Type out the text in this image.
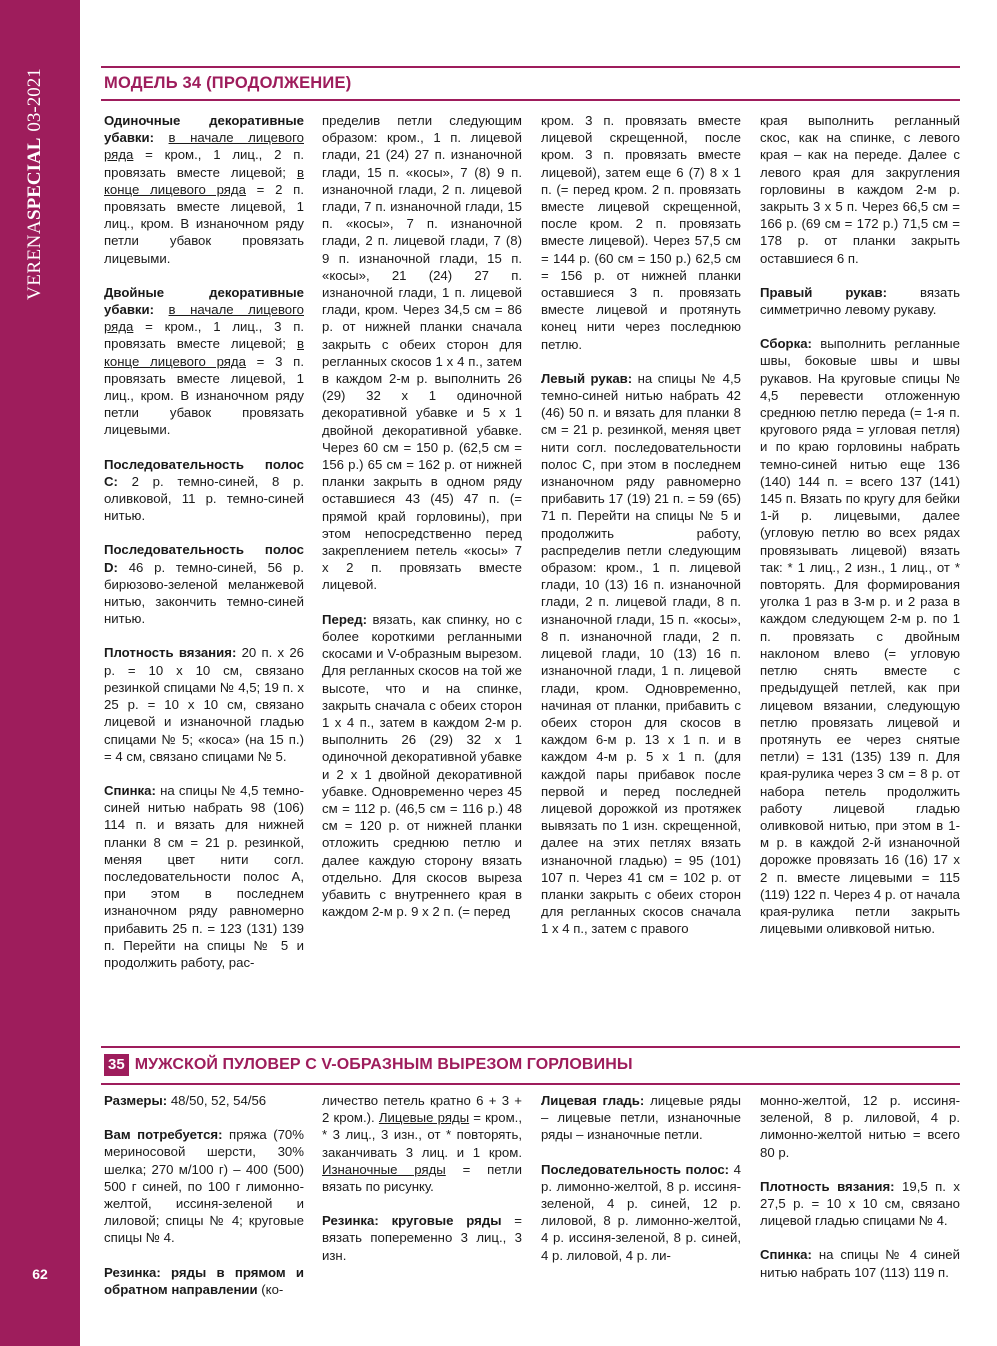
VERENASPECIAL03-2021
62
МОДЕЛЬ 34 (ПРОДОЛЖЕНИЕ)

Одиночные декоративные убавки: в начале лицевого ряда = кром., 1 лиц., 2 п. провязать вместе лицевой; в конце лицевого ряда = 2 п. провязать вместе лицевой, 1 лиц., кром. В изнаночном ряду петли убавок провязать лицевыми.

Двойные декоративные убавки: в начале лицевого ряда = кром., 1 лиц., 3 п. провязать вместе лицевой; в конце лицевого ряда = 3 п. провязать вместе лицевой, 1 лиц., кром. В изнаночном ряду петли убавок провязать лицевыми.

Последовательность полос С: 2 р. темно-синей, 8 р. оливковой, 11 р. темно-синей нитью.

Последовательность полос D: 46 р. темно-синей, 56 р. бирюзово-зеленой меланжевой нитью, закончить темно-синей нитью.

Плотность вязания: 20 п. х 26 р. = 10 х 10 см, связано резинкой спицами № 4,5; 19 п. х 25 р. = 10 х 10 см, связано лицевой и изнаночной гладью спицами № 5; «коса» (на 15 п.) = 4 см, связано спицами № 5.

Спинка: на спицы № 4,5 темно-синей нитью набрать 98 (106) 114 п. и вязать для нижней планки 8 см = 21 р. резинкой, меняя цвет нити согл. последовательности полос А, при этом в последнем изнаночном ряду равномерно прибавить 25 п. = 123 (131) 139 п. Перейти на спицы № 5 и продолжить работу, рас-

пределив петли следующим образом: кром., 1 п. лицевой глади, 21 (24) 27 п. изнаночной глади, 15 п. «косы», 7 (8) 9 п. изнаночной глади, 2 п. лицевой глади, 7 п. изнаночной глади, 15 п. «косы», 7 п. изнаночной глади, 2 п. лицевой глади, 7 (8) 9 п. изнаночной глади, 15 п. «косы», 21 (24) 27 п. изнаночной глади, 1 п. лицевой глади, кром. Через 34,5 см = 86 р. от нижней планки сначала закрыть с обеих сторон для регланных скосов 1 х 4 п., затем в каждом 2-м р. выполнить 26 (29) 32 х 1 одиночной декоративной убавке и 5 х 1 двойной декоративной убавке. Через 60 см = 150 р. (62,5 см = 156 р.) 65 см = 162 р. от нижней планки закрыть в одном ряду оставшиеся 43 (45) 47 п. (= прямой край горловины), при этом непосредственно перед закреплением петель «косы» 7 х 2 п. провязать вместе лицевой.

Перед: вязать, как спинку, но с более короткими регланными скосами и V-образным вырезом. Для регланных скосов на той же высоте, что и на спинке, закрыть сначала с обеих сторон 1 х 4 п., затем в каждом 2-м р. выполнить 26 (29) 32 х 1 одиночной декоративной убавке и 2 х 1 двойной декоративной убавке. Одновременно через 45 см = 112 р. (46,5 см = 116 р.) 48 см = 120 р. от нижней планки отложить среднюю петлю и далее каждую сторону вязать отдельно. Для скосов выреза убавить с внутреннего края в каждом 2-м р. 9 х 2 п. (= перед

кром. 3 п. провязать вместе лицевой скрещенной, после кром. 3 п. провязать вместе лицевой), затем еще 6 (7) 8 х 1 п. (= перед кром. 2 п. провязать вместе лицевой скрещенной, после кром. 2 п. провязать вместе лицевой). Через 57,5 см = 144 р. (60 см = 150 р.) 62,5 см = 156 р. от нижней планки оставшиеся 3 п. провязать вместе лицевой и протянуть конец нити через последнюю петлю.

Левый рукав: на спицы № 4,5 темно-синей нитью набрать 42 (46) 50 п. и вязать для планки 8 см = 21 р. резинкой, меняя цвет нити согл. последовательности полос С, при этом в последнем изнаночном ряду равномерно прибавить 17 (19) 21 п. = 59 (65) 71 п. Перейти на спицы № 5 и продолжить работу, распределив петли следующим образом: кром., 1 п. лицевой глади, 10 (13) 16 п. изнаночной глади, 2 п. лицевой глади, 8 п. изнаночной глади, 15 п. «косы», 8 п. изнаночной глади, 2 п. лицевой глади, 10 (13) 16 п. изнаночной глади, 1 п. лицевой глади, кром. Одновременно, начиная от планки, прибавить с обеих сторон для скосов в каждом 6-м р. 13 х 1 п. и в каждом 4-м р. 5 х 1 п. (для каждой пары прибавок после первой и перед последней лицевой дорожкой из протяжек вывязать по 1 изн. скрещенной, далее на этих петлях вязать изнаночной гладью) = 95 (101) 107 п. Через 41 см = 102 р. от планки закрыть с обеих сторон для регланных скосов сначала 1 х 4 п., затем с правого

края выполнить регланный скос, как на спинке, с левого края – как на переде. Далее с левого края для закругления горловины в каждом 2-м р. закрыть 3 х 5 п. Через 66,5 см = 166 р. (69 см = 172 р.) 71,5 см = 178 р. от планки закрыть оставшиеся 6 п.

Правый рукав: вязать симметрично левому рукаву.

Сборка: выполнить регланные швы, боковые швы и швы рукавов. На круговые спицы № 4,5 перевести отложенную среднюю петлю переда (= 1-я п. кругового ряда = угловая петля) и по краю горловины набрать темно-синей нитью еще 136 (140) 144 п. = всего 137 (141) 145 п. Вязать по кругу для бейки 1-й р. лицевыми, далее (угловую петлю во всех рядах провязывать лицевой) вязать так: * 1 лиц., 2 изн., 1 лиц., от * повторять. Для формирования уголка 1 раз в 3-м р. и 2 раза в каждом следующем 2-м р. по 1 п. провязать с двойным наклоном влево (= угловую петлю снять вместе с предыдущей петлей, как при лицевом вязании, следующую петлю провязать лицевой и протянуть ее через снятые петли) = 131 (135) 139 п. Для края-рулика через 3 см = 8 р. от набора петель продолжить работу лицевой гладью оливковой нитью, при этом в 1-м р. в каждой 2-й изнаночной дорожке провязать 16 (16) 17 х 2 п. вместе лицевыми = 115 (119) 122 п. Через 4 р. от начала края-рулика петли закрыть лицевыми оливковой нитью.

35 МУЖСКОЙ ПУЛОВЕР С V-ОБРАЗНЫМ ВЫРЕЗОМ ГОРЛОВИНЫ

Размеры: 48/50, 52, 54/56

Вам потребуется: пряжа (70% мериносовой шерсти, 30% шелка; 270 м/100 г) – 400 (500) 500 г синей, по 100 г лимонно-желтой, иссиня-зеленой и лиловой; спицы № 4; круговые спицы № 4.

Резинка: ряды в прямом и обратном направлении (ко-

личество петель кратно 6 + 3 + 2 кром.). Лицевые ряды = кром., * 3 лиц., 3 изн., от * повторять, заканчивать 3 лиц. и 1 кром. Изнаночные ряды = петли вязать по рисунку.

Резинка: круговые ряды = вязать попеременно 3 лиц., 3 изн.

Лицевая гладь: лицевые ряды – лицевые петли, изнаночные ряды – изнаночные петли.

Последовательность полос: 4 р. лимонно-желтой, 8 р. иссиня-зеленой, 4 р. синей, 12 р. лиловой, 8 р. лимонно-желтой, 4 р. иссиня-зеленой, 8 р. синей, 4 р. лиловой, 4 р. ли-

монно-желтой, 12 р. иссиня-зеленой, 8 р. лиловой, 4 р. лимонно-желтой нитью = всего 80 р.

Плотность вязания: 19,5 п. х 27,5 р. = 10 х 10 см, связано лицевой гладью спицами № 4.

Спинка: на спицы № 4 синей нитью набрать 107 (113) 119 п.
